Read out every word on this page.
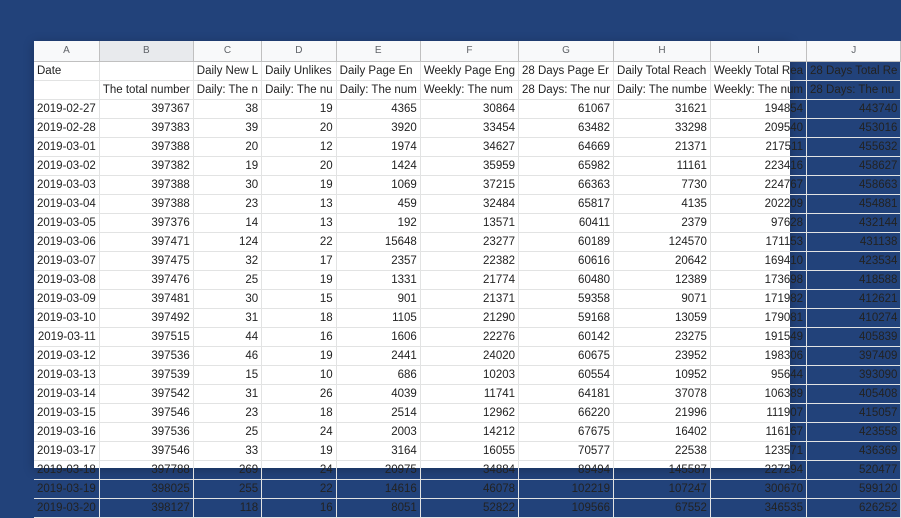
A	B	C	D	E	F	G	H	I	J
Date		Daily New L	Daily Unlikes	Daily Page En	Weekly Page Eng	28 Days Page Er	Daily Total Reach	Weekly Total Rea	28 Days Total Re
	The total number	Daily: The n	Daily: The nu	Daily: The num	Weekly: The num	28 Days: The nur	Daily: The numbe	Weekly: The num	28 Days: The nu
2019-02-27	397367	38	19	4365	30864	61067	31621	194854	443740
2019-02-28	397383	39	20	3920	33454	63482	33298	209540	453016
2019-03-01	397388	20	12	1974	34627	64669	21371	217511	455632
2019-03-02	397382	19	20	1424	35959	65982	11161	223416	458627
2019-03-03	397388	30	19	1069	37215	66363	7730	224767	458663
2019-03-04	397388	23	13	459	32484	65817	4135	202209	454881
2019-03-05	397376	14	13	192	13571	60411	2379	97628	432144
2019-03-06	397471	124	22	15648	23277	60189	124570	171153	431138
2019-03-07	397475	32	17	2357	22382	60616	20642	169410	423534
2019-03-08	397476	25	19	1331	21774	60480	12389	173698	418588
2019-03-09	397481	30	15	901	21371	59358	9071	171982	412621
2019-03-10	397492	31	18	1105	21290	59168	13059	179081	410274
2019-03-11	397515	44	16	1606	22276	60142	23275	191549	405839
2019-03-12	397536	46	19	2441	24020	60675	23952	198306	397409
2019-03-13	397539	15	10	686	10203	60554	10952	95644	393090
2019-03-14	397542	31	26	4039	11741	64181	37078	106389	405408
2019-03-15	397546	23	18	2514	12962	66220	21996	111907	415057
2019-03-16	397536	25	24	2003	14212	67675	16402	116167	423558
2019-03-17	397546	33	19	3164	16055	70577	22538	123571	436369
2019-03-18	397788	269	24	20975	34884	89494	145587	227294	520477
2019-03-19	398025	255	22	14616	46078	102219	107247	300670	599120
2019-03-20	398127	118	16	8051	52822	109566	67552	346535	626252
